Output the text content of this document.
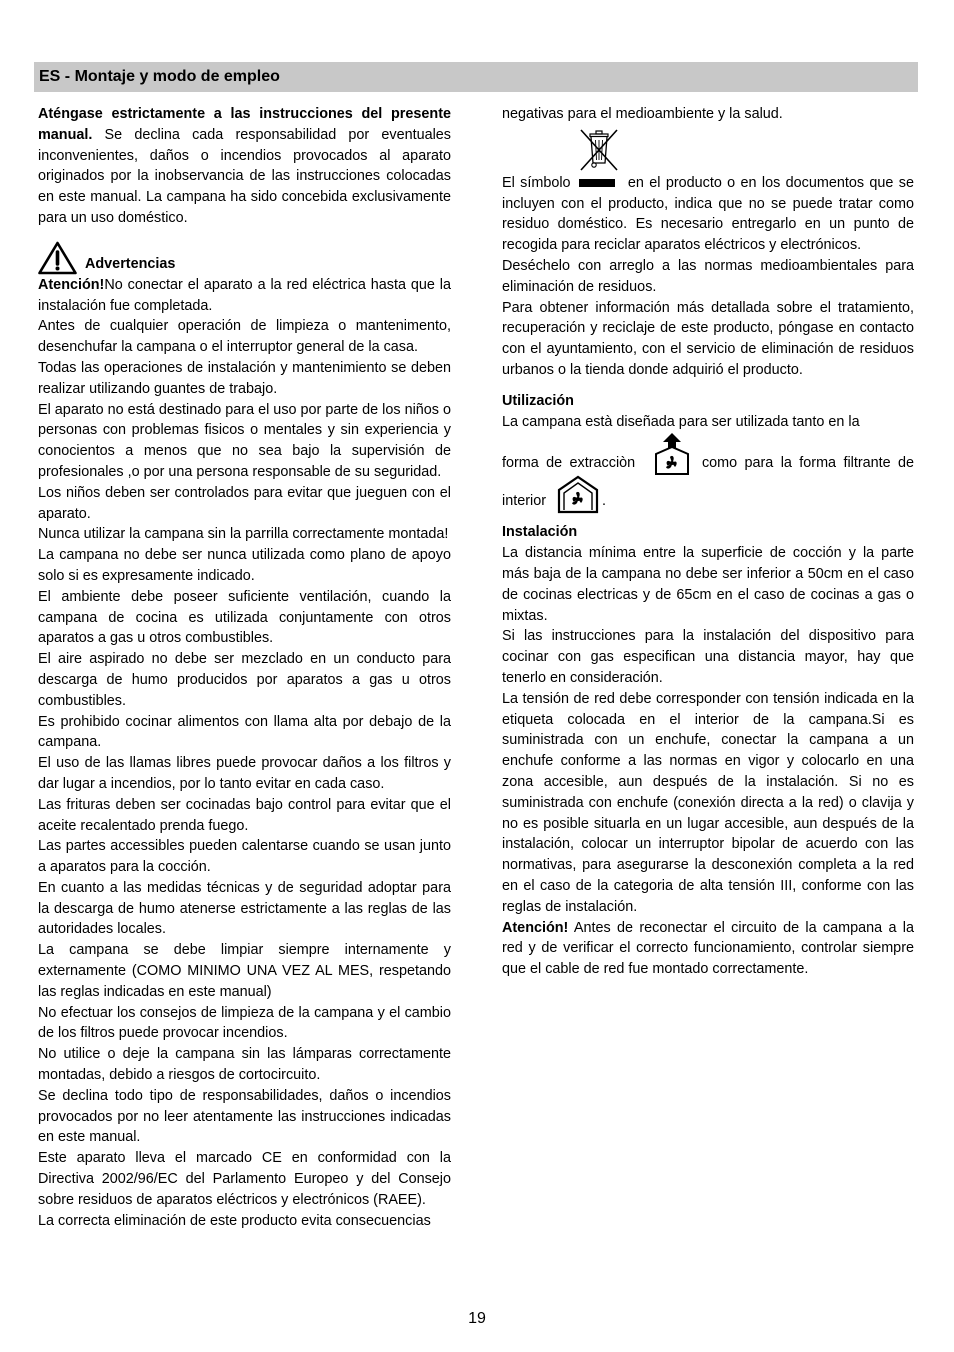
ES - Montaje y modo de empleo

Aténgase estrictamente a las instrucciones del presente manual. Se declina cada responsabilidad por eventuales inconvenientes, daños o incendios provocados al aparato originados por la inobservancia de las instrucciones colocadas en este manual. La campana ha sido concebida exclusivamente para un uso doméstico.

Advertencias

Atención!No conectar el aparato a la red eléctrica hasta que la instalación fue completada.

Antes de cualquier operación de limpieza o mantenimento, desenchufar la campana o el interruptor general de la casa.

Todas las operaciones de instalación y mantenimiento se deben realizar utilizando guantes de trabajo.

El aparato no está destinado para el uso por parte de los niños o personas con problemas fisicos o mentales y sin experiencia y conocientos a menos que no sea bajo la supervisión de profesionales ,o por una persona responsable de su seguridad.

Los niños deben ser controlados para evitar que jueguen con el aparato.

Nunca utilizar la campana sin la parrilla correctamente montada!

La campana no debe ser nunca utilizada como plano de apoyo solo si es expresamente indicado.

El ambiente debe poseer suficiente ventilación, cuando la campana de cocina es utilizada conjuntamente con otros aparatos a gas u otros combustibles.

El aire aspirado no debe ser mezclado en un conducto para descarga de humo producidos por aparatos a gas u otros combustibles.

Es prohibido cocinar alimentos con llama alta por debajo de la campana.

El uso de las llamas libres puede provocar daños a los filtros y dar lugar a incendios, por lo tanto evitar en cada caso.

Las frituras deben ser cocinadas bajo control para evitar que el aceite recalentado prenda fuego.

Las partes accessibles pueden calentarse cuando se usan junto a aparatos para la cocción.

En cuanto a las medidas técnicas y de seguridad adoptar para la descarga de humo atenerse estrictamente a las reglas de las autoridades locales.

La campana se debe limpiar siempre internamente y externamente (COMO MINIMO UNA VEZ AL MES, respetando las reglas indicadas en este manual)

No efectuar los consejos de limpieza de la campana y el cambio de los filtros puede provocar incendios.

No utilice o deje la campana sin las lámparas correctamente montadas, debido a riesgos de cortocircuito.

Se declina todo tipo de responsabilidades, daños o incendios provocados por no leer atentamente las instrucciones indicadas en este manual.

Este aparato lleva el marcado CE en conformidad con la Directiva 2002/96/EC del Parlamento Europeo y del Consejo sobre residuos de aparatos eléctricos y electrónicos (RAEE).

La correcta eliminación de este producto evita consecuencias

negativas para el medioambiente y la salud.

El símbolo	en el producto o en los documentos que se incluyen con el producto, indica que no se puede tratar como residuo doméstico. Es necesario entregarlo en un punto de recogida para reciclar aparatos eléctricos y electrónicos.

Deséchelo con arreglo a las normas medioambientales para eliminación de residuos.

Para obtener información más detallada sobre el tratamiento, recuperación y reciclaje de este producto, póngase en contacto con el ayuntamiento, con el servicio de eliminación de residuos urbanos o la tienda donde adquirió el producto.

Utilización

La campana està diseñada para ser utilizada tanto en la

forma de extracciòn	como para la forma filtrante de

interior	.

Instalación

La distancia mínima entre la superficie de cocción y la parte más baja de la campana no debe ser inferior a 50cm en el caso de cocinas electricas y de 65cm en el caso de cocinas a gas o mixtas.

Si las instrucciones para la instalación del dispositivo para cocinar con gas especifican una distancia mayor, hay que tenerlo en consideración.

La tensión de red debe corresponder con tensión indicada en la etiqueta colocada en el interior de la campana.Si es suministrada con un enchufe, conectar la campana a un enchufe conforme a las normas en vigor y colocarlo en una zona accesible, aun después de la instalación. Si no es suministrada con enchufe (conexión directa a la red) o clavija y no es posible situarla en un lugar accesible, aun después de la instalación, colocar un interruptor bipolar de acuerdo con las normativas, para asegurarse la desconexión completa a la red en el caso de la categoria de alta tensión III, conforme con las reglas de instalación.

Atención! Antes de reconectar el circuito de la campana a la red y de verificar el correcto funcionamiento, controlar siempre que el cable de red fue montado correctamente.

19
